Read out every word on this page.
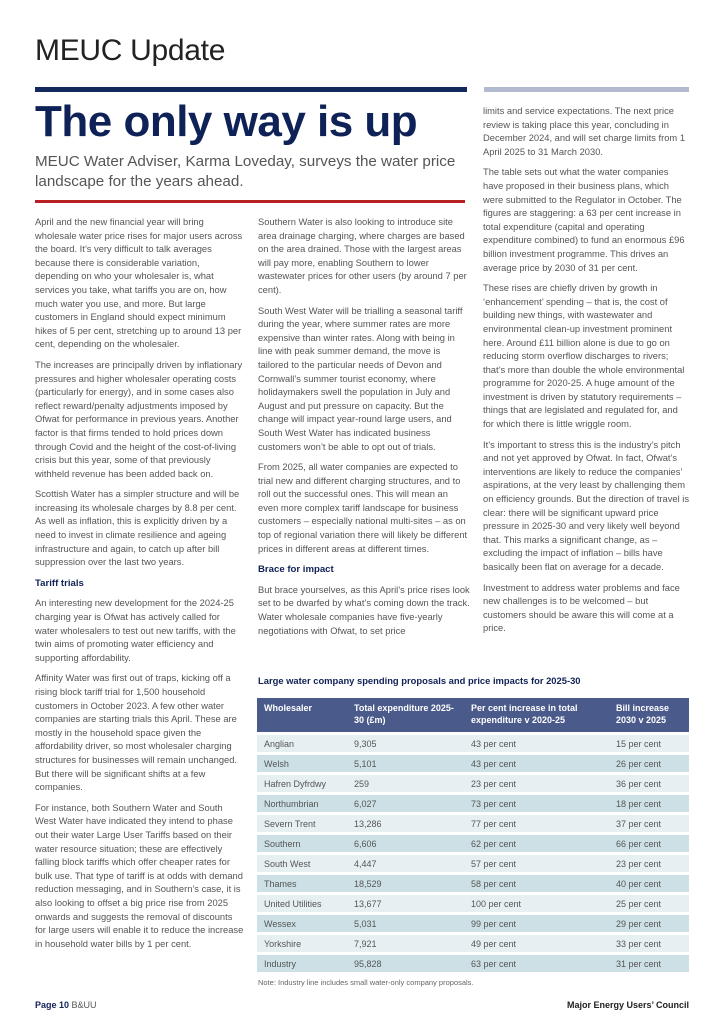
MEUC Update
The only way is up
MEUC Water Adviser, Karma Loveday, surveys the water price landscape for the years ahead.

April and the new financial year will bring wholesale water price rises for major users across the board. It’s very difficult to talk averages because there is considerable variation, depending on who your wholesaler is, what services you take, what tariffs you are on, how much water you use, and more. But large customers in England should expect minimum hikes of 5 per cent, stretching up to around 13 per cent, depending on the wholesaler.

The increases are principally driven by inflationary pressures and higher wholesaler operating costs (particularly for energy), and in some cases also reflect reward/penalty adjustments imposed by Ofwat for performance in previous years. Another factor is that firms tended to hold prices down through Covid and the height of the cost-of-living crisis but this year, some of that previously withheld revenue has been added back on.

Scottish Water has a simpler structure and will be increasing its wholesale charges by 8.8 per cent. As well as inflation, this is explicitly driven by a need to invest in climate resilience and ageing infrastructure and again, to catch up after bill suppression over the last two years.

Tariff trials

An interesting new development for the 2024-25 charging year is Ofwat has actively called for water wholesalers to test out new tariffs, with the twin aims of promoting water efficiency and supporting affordability.

Affinity Water was first out of traps, kicking off a rising block tariff trial for 1,500 household customers in October 2023. A few other water companies are starting trials this April. These are mostly in the household space given the affordability driver, so most wholesaler charging structures for businesses will remain unchanged. But there will be significant shifts at a few companies.

For instance, both Southern Water and South West Water have indicated they intend to phase out their water Large User Tariffs based on their water resource situation; these are effectively falling block tariffs which offer cheaper rates for bulk use. That type of tariff is at odds with demand reduction messaging, and in Southern’s case, it is also looking to offset a big price rise from 2025 onwards and suggests the removal of discounts for large users will enable it to reduce the increase in household water bills by 1 per cent.

Southern Water is also looking to introduce site area drainage charging, where charges are based on the area drained. Those with the largest areas will pay more, enabling Southern to lower wastewater prices for other users (by around 7 per cent).

South West Water will be trialling a seasonal tariff during the year, where summer rates are more expensive than winter rates. Along with being in line with peak summer demand, the move is tailored to the particular needs of Devon and Cornwall’s summer tourist economy, where holidaymakers swell the population in July and August and put pressure on capacity. But the change will impact year-round large users, and South West Water has indicated business customers won’t be able to opt out of trials.

From 2025, all water companies are expected to trial new and different charging structures, and to roll out the successful ones. This will mean an even more complex tariff landscape for business customers – especially national multi-sites – as on top of regional variation there will likely be different prices in different areas at different times.

Brace for impact

But brace yourselves, as this April’s price rises look set to be dwarfed by what’s coming down the track. Water wholesale companies have five-yearly negotiations with Ofwat, to set price

limits and service expectations. The next price review is taking place this year, concluding in December 2024, and will set charge limits from 1 April 2025 to 31 March 2030.

The table sets out what the water companies have proposed in their business plans, which were submitted to the Regulator in October. The figures are staggering: a 63 per cent increase in total expenditure (capital and operating expenditure combined) to fund an enormous £96 billion investment programme. This drives an average price by 2030 of 31 per cent.

These rises are chiefly driven by growth in ‘enhancement’ spending – that is, the cost of building new things, with wastewater and environmental clean-up investment prominent here. Around £11 billion alone is due to go on reducing storm overflow discharges to rivers; that’s more than double the whole environmental programme for 2020-25. A huge amount of the investment is driven by statutory requirements – things that are legislated and regulated for, and for which there is little wriggle room.

It’s important to stress this is the industry’s pitch and not yet approved by Ofwat. In fact, Ofwat’s interventions are likely to reduce the companies’ aspirations, at the very least by challenging them on efficiency grounds. But the direction of travel is clear: there will be significant upward price pressure in 2025-30 and very likely well beyond that. This marks a significant change, as – excluding the impact of inflation – bills have basically been flat on average for a decade.

Investment to address water problems and face new challenges is to be welcomed – but customers should be aware this will come at a price.

Large water company spending proposals and price impacts for 2025-30
Wholesaler	Total expenditure 2025-30 (£m)	Per cent increase in total expenditure v 2020-25	Bill increase 2030 v 2025
Anglian	9,305	43 per cent	15 per cent
Welsh	5,101	43 per cent	26 per cent
Hafren Dyfrdwy	259	23 per cent	36 per cent
Northumbrian	6,027	73 per cent	18 per cent
Severn Trent	13,286	77 per cent	37 per cent
Southern	6,606	62 per cent	66 per cent
South West	4,447	57 per cent	23 per cent
Thames	18,529	58 per cent	40 per cent
United Utilities	13,677	100 per cent	25 per cent
Wessex	5,031	99 per cent	29 per cent
Yorkshire	7,921	49 per cent	33 per cent
Industry	95,828	63 per cent	31 per cent
Note: Industry line includes small water-only company proposals.
Page 10 B&UU	Major Energy Users’ Council
